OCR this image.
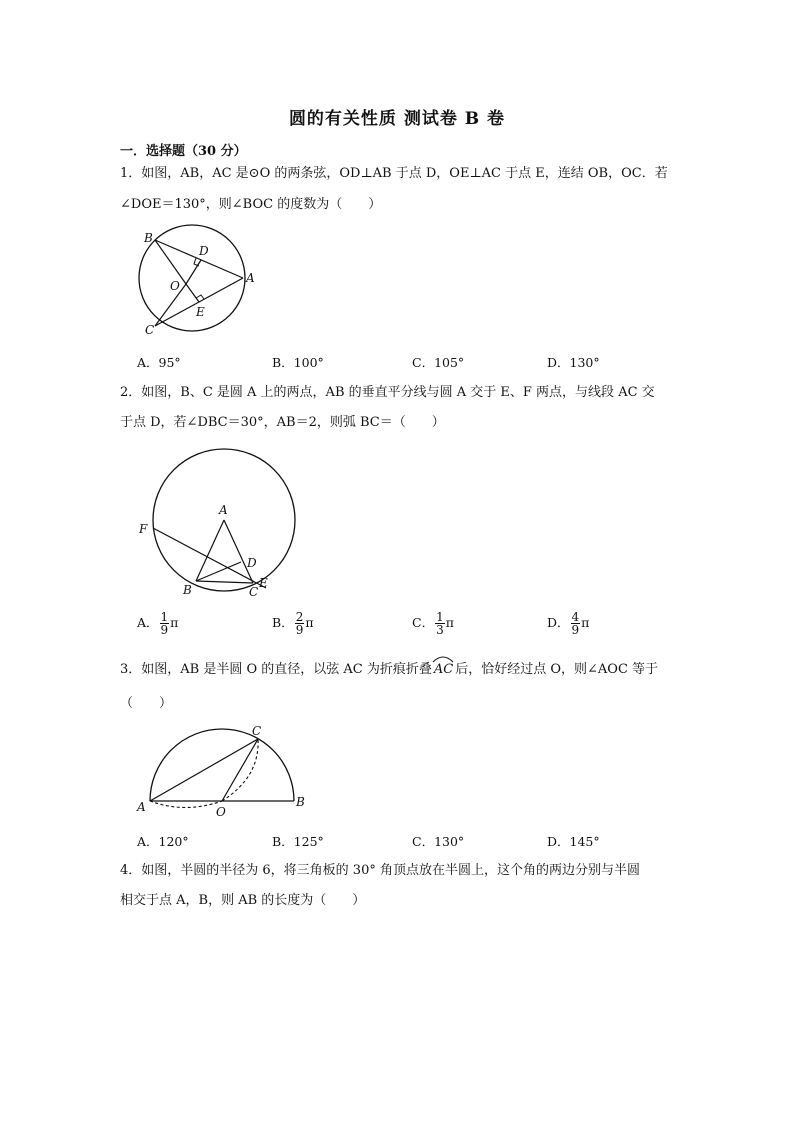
圆的有关性质 测试卷 B 卷
一．选择题（30 分）
1．如图，AB，AC 是⊙O 的两条弦，OD⊥AB 于点 D，OE⊥AC 于点 E，连结 OB，OC．若
∠DOE＝130°，则∠BOC 的度数为（　　）
B
D
A
O
E
C
A．95°	B．100°	C．105°	D．130°
2．如图，B、C 是圆 A 上的两点，AB 的垂直平分线与圆 A 交于 E、F 两点，与线段 AC 交
于点 D，若∠DBC＝30°，AB＝2，则弧 BC＝（　　）
A
F
D
E
B	C
A． $\frac{1}{9}$ π	B． $\frac{2}{9}$ π	C． $\frac{1}{3}$ π	D． $\frac{4}{9}$ π
3．如图，AB 是半圆 O 的直径，以弦 AC 为折痕折叠 AC 后，恰好经过点 O，则∠AOC 等于
（　　）
C
A	O
B
A．120°	B．125°	C．130°	D．145°
4．如图，半圆的半径为 6，将三角板的 30° 角顶点放在半圆上，这个角的两边分别与半圆
相交于点 A，B，则 AB 的长度为（　　）
